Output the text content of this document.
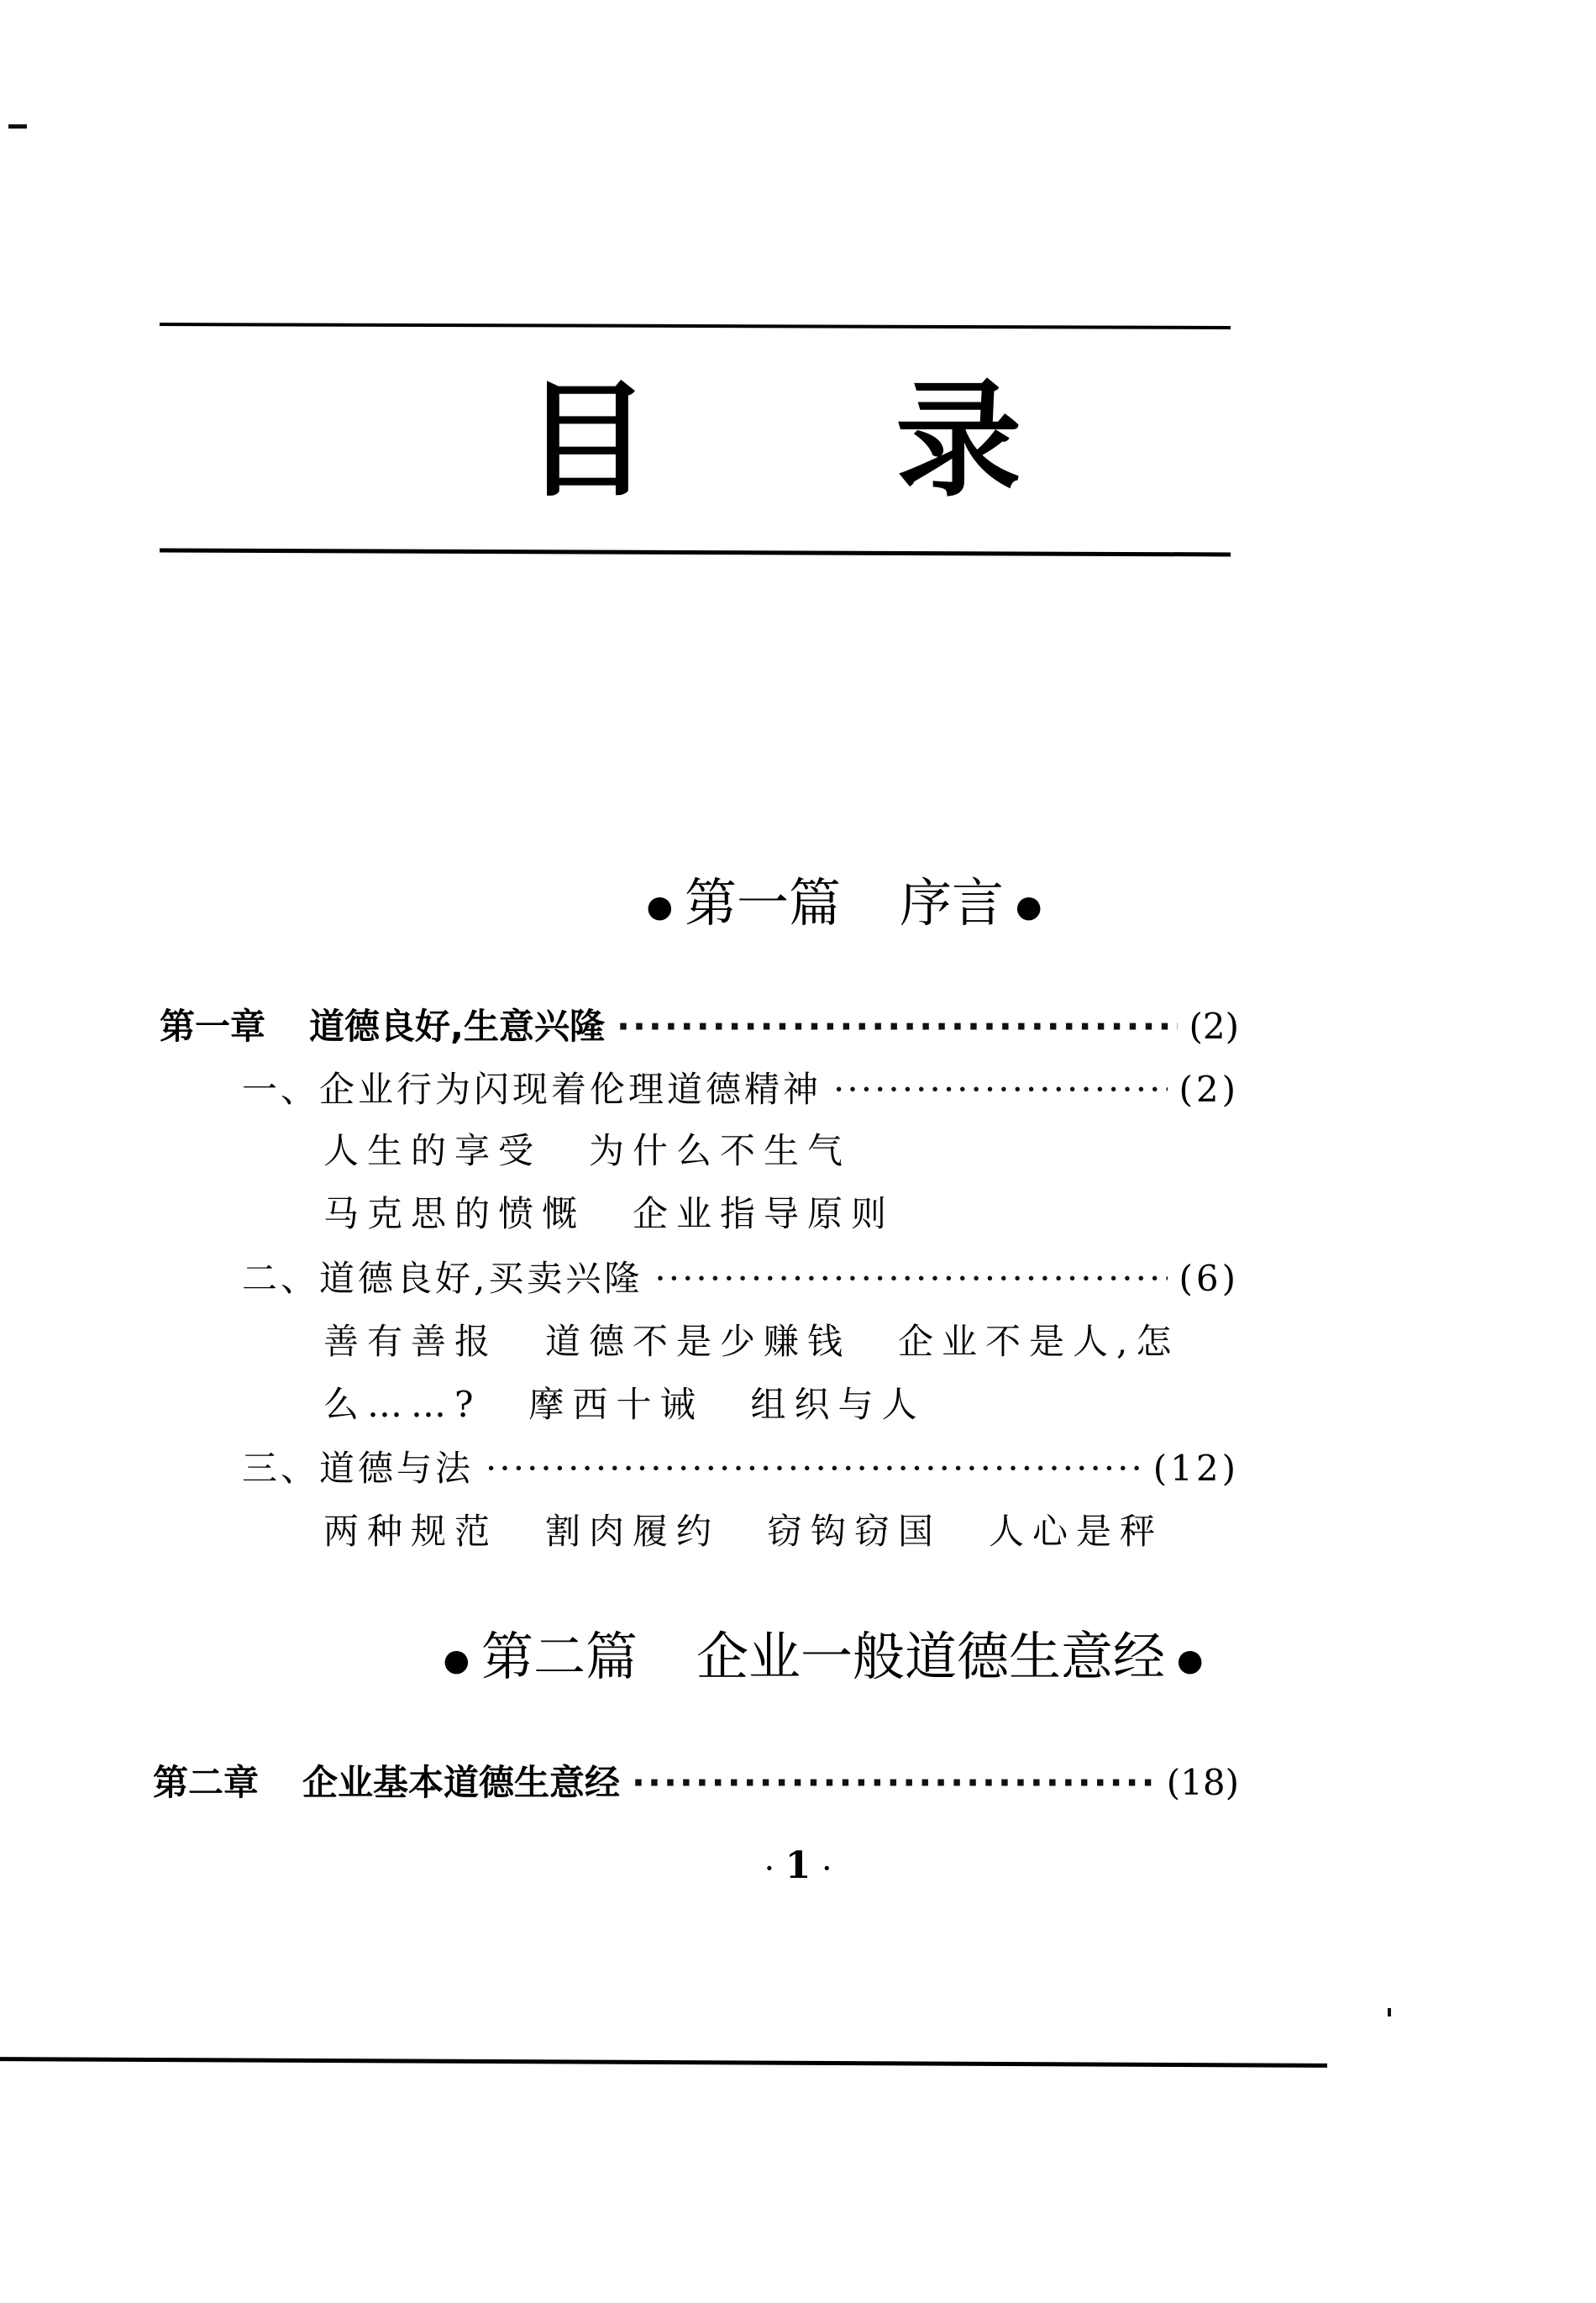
目 录
● 第一篇 序言 ●
第一章 道德良好,生意兴隆 ·····	(2)
一、 企业行为闪现着伦理道德精神 ·····	(2)
人生的享受 为什么不生气
马克思的愤慨 企业指导原则
二、 道德良好,买卖兴隆 ·····	(6)
善有善报 道德不是少赚钱 企业不是人,怎
么……? 摩西十诫 组织与人
三、 道德与法 ·····	(12)
两种规范 割肉履约 窃钩窃国 人心是秤
● 第二篇 企业一般道德生意经 ●
第二章 企业基本道德生意经 ·····	(18)
· 1 ·
